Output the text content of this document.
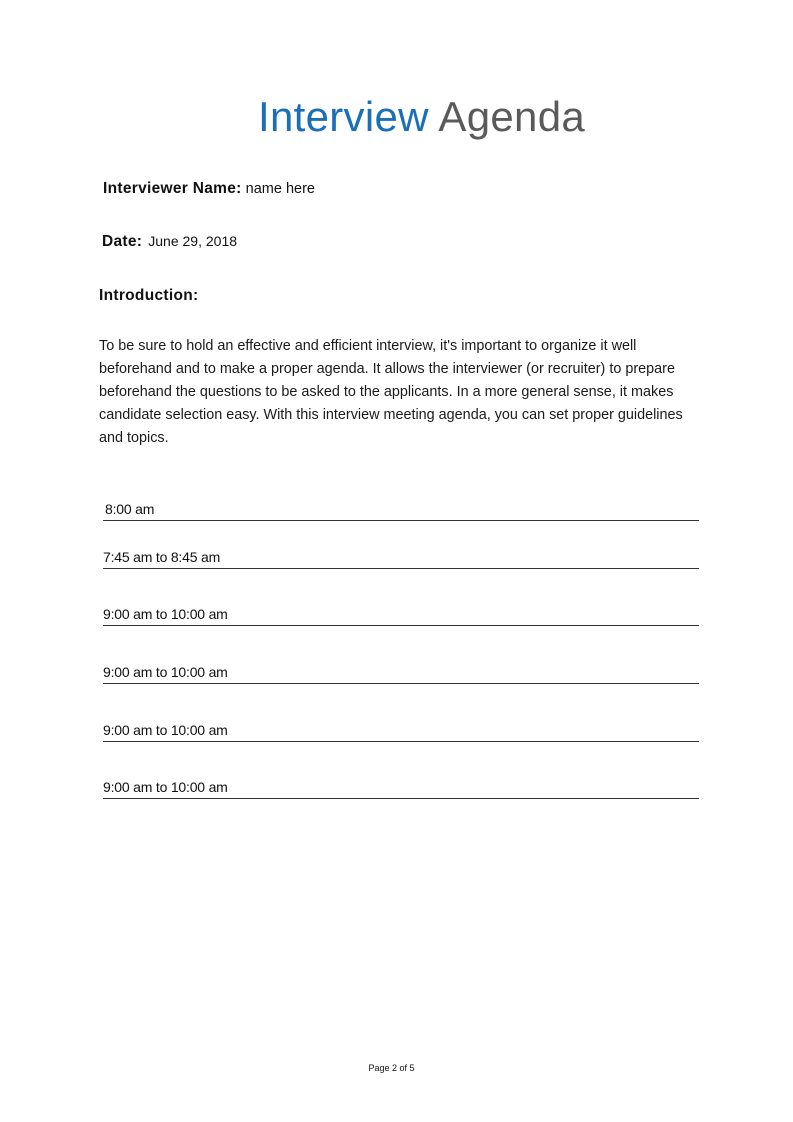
Interview Agenda
Interviewer Name: name here
Date: June 29, 2018
Introduction:

To be sure to hold an effective and efficient interview, it's important to organize it well beforehand and to make a proper agenda. It allows the interviewer (or recruiter) to prepare beforehand the questions to be asked to the applicants. In a more general sense, it makes candidate selection easy. With this interview meeting agenda, you can set proper guidelines and topics.

8:00 am
7:45 am to 8:45 am
9:00 am to 10:00 am
9:00 am to 10:00 am
9:00 am to 10:00 am
9:00 am to 10:00 am
Page 2 of 5
